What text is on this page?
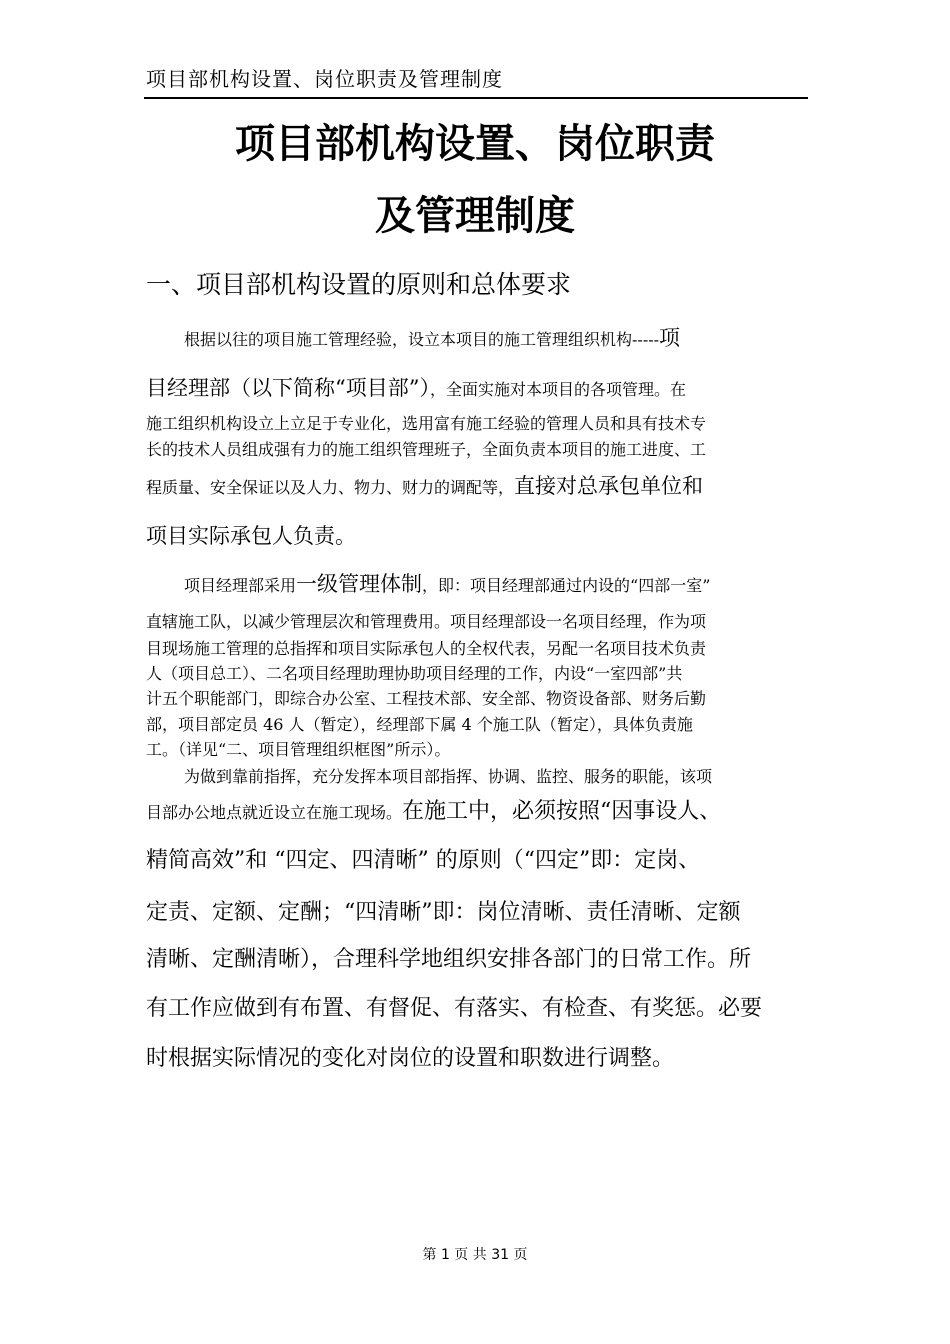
项目部机构设置、岗位职责及管理制度
项目部机构设置、岗位职责
及管理制度
一、项目部机构设置的原则和总体要求
根据以往的项目施工管理经验，设立本项目的施工管理组织机构-----项
目经理部（以下简称“项目部”），全面实施对本项目的各项管理。在
施工组织机构设立上立足于专业化，选用富有施工经验的管理人员和具有技术专
长的技术人员组成强有力的施工组织管理班子，全面负责本项目的施工进度、工
程质量、安全保证以及人力、物力、财力的调配等，直接对总承包单位和
项目实际承包人负责。
项目经理部采用一级管理体制，即：项目经理部通过内设的“四部一室”
直辖施工队，以减少管理层次和管理费用。项目经理部设一名项目经理，作为项
目现场施工管理的总指挥和项目实际承包人的全权代表，另配一名项目技术负责
人（项目总工）、二名项目经理助理协助项目经理的工作，内设“一室四部”共
计五个职能部门，即综合办公室、工程技术部、安全部、物资设备部、财务后勤
部，项目部定员 46 人（暂定），经理部下属 4 个施工队（暂定），具体负责施
工。（详见“二、项目管理组织框图”所示）。
为做到靠前指挥，充分发挥本项目部指挥、协调、监控、服务的职能，该项
目部办公地点就近设立在施工现场。在施工中，必须按照“因事设人、
精简高效”和 “四定、四清晰” 的原则（“四定”即：定岗、
定责、定额、定酬；“四清晰”即：岗位清晰、责任清晰、定额
清晰、定酬清晰），合理科学地组织安排各部门的日常工作。所
有工作应做到有布置、有督促、有落实、有检查、有奖惩。必要
时根据实际情况的变化对岗位的设置和职数进行调整。
第 1 页 共 31 页
